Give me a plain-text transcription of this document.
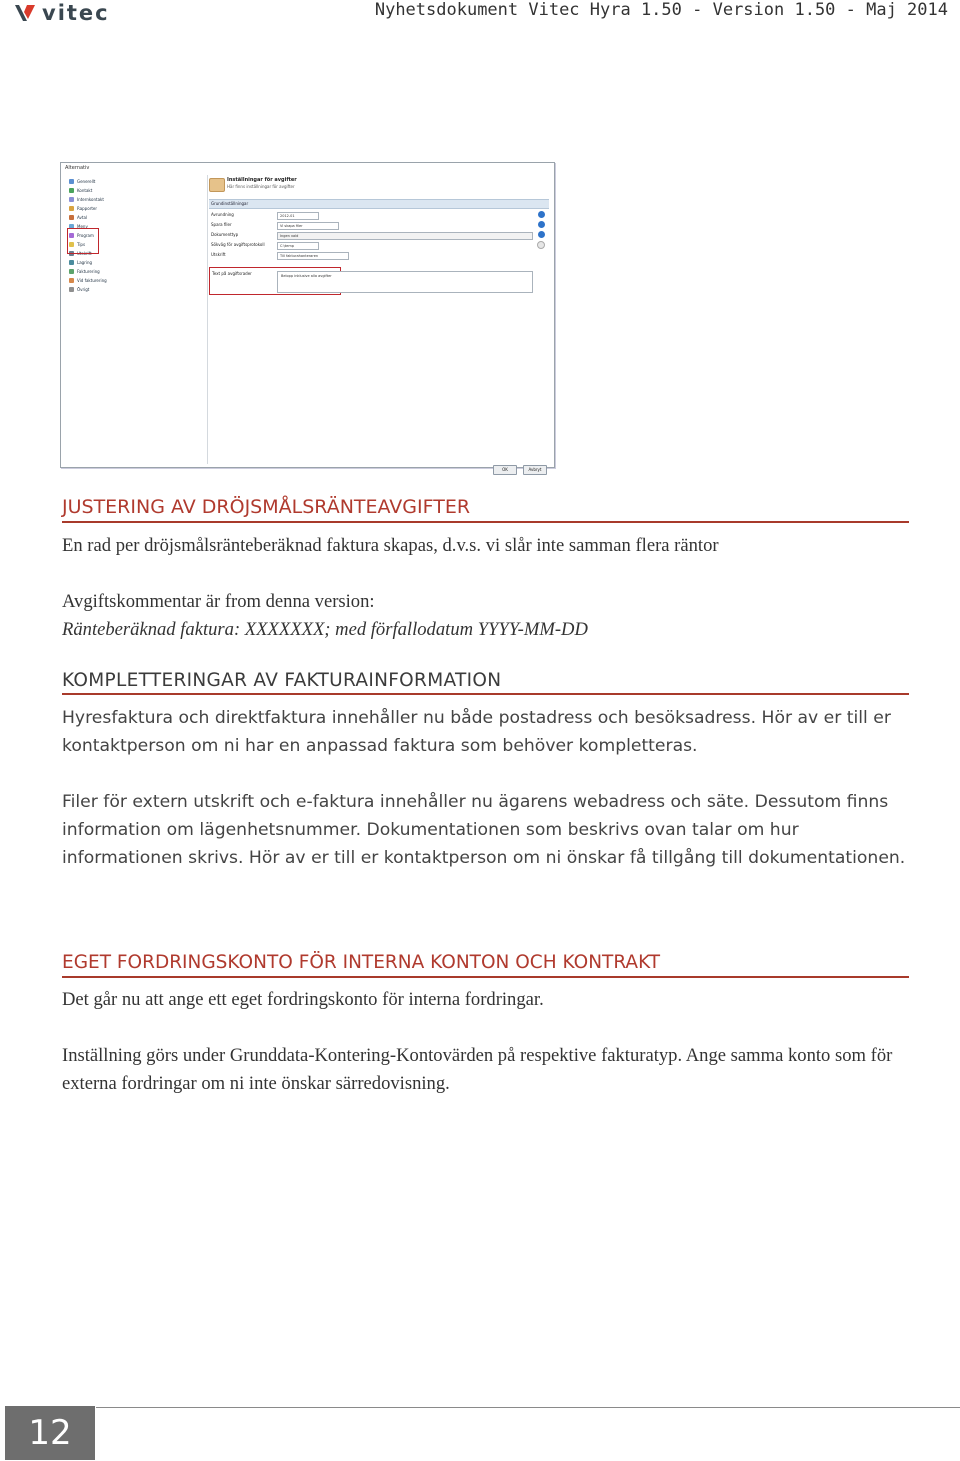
vitec	Nyhetsdokument Vitec Hyra 1.50 - Version 1.50 - Maj 2014
Alternativ
Generellt
Kontakt
Internkontakt
Rapporter
Avtal
Meny
Program
Tips
Utskrift
Lagring
Fakturering
Vid fakturering
Övrigt
Inställningar för avgifter
Här finns inställningar för avgifter
Grundinställningar
Avrundning	2012-01
Spara filer	Vi skapa filer
Dokumenttyp	Ingen vald
Sökväg för avgiftsprotokoll	C:\temp
Utskrift	Till fakturahanteraren
Text på avgiftsrader	Belopp inklusive alla avgifter
OK	Avbryt
JUSTERING AV DRÖJSMÅLSRÄNTEAVGIFTER

En rad per dröjsmålsränteberäknad faktura skapas, d.v.s. vi slår inte samman flera räntor

Avgiftskommentar är from denna version:

Ränteberäknad faktura: XXXXXXX; med förfallodatum YYYY-MM-DD

KOMPLETTERINGAR AV FAKTURAINFORMATION

Hyresfaktura och direktfaktura innehåller nu både postadress och besöksadress. Hör av er till er kontaktperson om ni har en anpassad faktura som behöver kompletteras.

Filer för extern utskrift och e-faktura innehåller nu ägarens webadress och säte. Dessutom finns information om lägenhetsnummer. Dokumentationen som beskrivs ovan talar om hur informationen skrivs. Hör av er till er kontaktperson om ni önskar få tillgång till dokumentationen.

EGET FORDRINGSKONTO FÖR INTERNA KONTON OCH KONTRAKT

Det går nu att ange ett eget fordringskonto för interna fordringar.

Inställning görs under Grunddata-Kontering-Kontovärden på respektive fakturatyp. Ange samma konto som för externa fordringar om ni inte önskar särredovisning.

12
